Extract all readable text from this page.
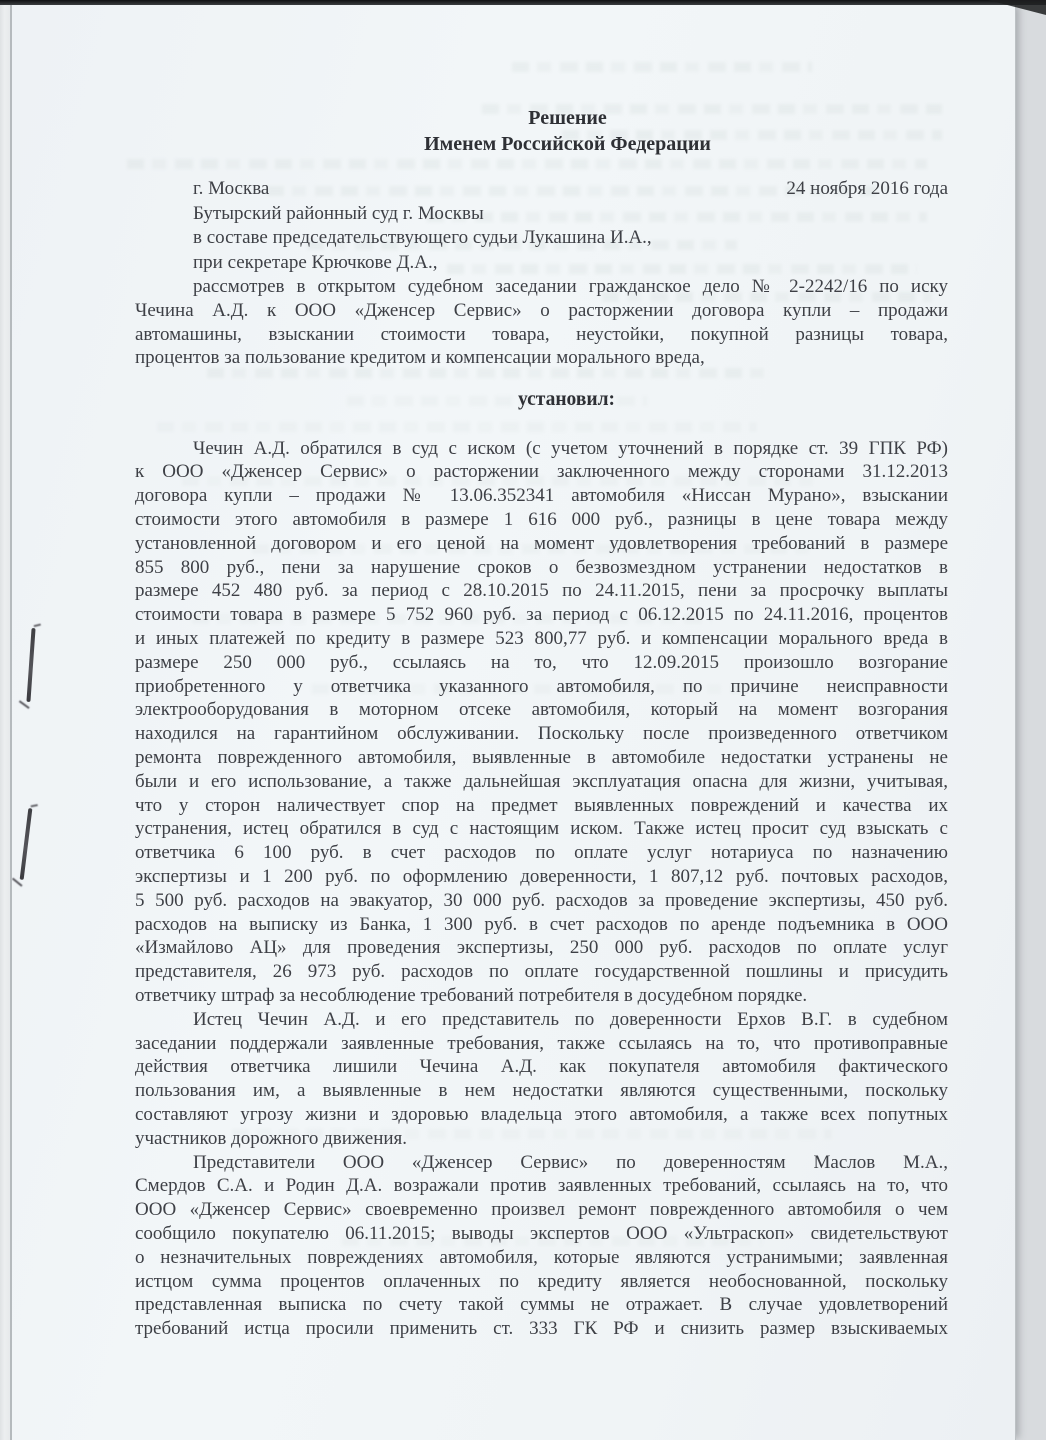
Решение
Именем Российской Федерации
г. Москва	24 ноября 2016 года
Бутырский районный суд г. Москвы
в составе председательствующего судьи Лукашина И.А.,
при секретаре Крючкове Д.А.,

рассмотрев в открытом судебном заседании гражданское дело № 2-2242/16 по иску
Чечина А.Д. к ООО «Дженсер Сервис» о расторжении договора купли – продажи
автомашины, взыскании стоимости товара, неустойки, покупной разницы товара,
процентов за пользование кредитом и компенсации морального вреда,

установил:

Чечин А.Д. обратился в суд с иском (с учетом уточнений в порядке ст. 39 ГПК РФ)
к ООО «Дженсер Сервис» о расторжении заключенного между сторонами 31.12.2013
договора купли – продажи № 13.06.352341 автомобиля «Ниссан Мурано», взыскании
стоимости этого автомобиля в размере 1 616 000 руб., разницы в цене товара между
установленной договором и его ценой на момент удовлетворения требований в размере
855 800 руб., пени за нарушение сроков о безвозмездном устранении недостатков в
размере 452 480 руб. за период с 28.10.2015 по 24.11.2015, пени за просрочку выплаты
стоимости товара в размере 5 752 960 руб. за период с 06.12.2015 по 24.11.2016, процентов
и иных платежей по кредиту в размере 523 800,77 руб. и компенсации морального вреда в
размере 250 000 руб., ссылаясь на то, что 12.09.2015 произошло возгорание
приобретенного у ответчика указанного автомобиля, по причине неисправности
электрооборудования в моторном отсеке автомобиля, который на момент возгорания
находился на гарантийном обслуживании. Поскольку после произведенного ответчиком
ремонта поврежденного автомобиля, выявленные в автомобиле недостатки устранены не
были и его использование, а также дальнейшая эксплуатация опасна для жизни, учитывая,
что у сторон наличествует спор на предмет выявленных повреждений и качества их
устранения, истец обратился в суд с настоящим иском. Также истец просит суд взыскать с
ответчика 6 100 руб. в счет расходов по оплате услуг нотариуса по назначению
экспертизы и 1 200 руб. по оформлению доверенности, 1 807,12 руб. почтовых расходов,
5 500 руб. расходов на эвакуатор, 30 000 руб. расходов за проведение экспертизы, 450 руб.
расходов на выписку из Банка, 1 300 руб. в счет расходов по аренде подъемника в ООО
«Измайлово АЦ» для проведения экспертизы, 250 000 руб. расходов по оплате услуг
представителя, 26 973 руб. расходов по оплате государственной пошлины и присудить
ответчику штраф за несоблюдение требований потребителя в досудебном порядке.

Истец Чечин А.Д. и его представитель по доверенности Ерхов В.Г. в судебном
заседании поддержали заявленные требования, также ссылаясь на то, что противоправные
действия ответчика лишили Чечина А.Д. как покупателя автомобиля фактического
пользования им, а выявленные в нем недостатки являются существенными, поскольку
составляют угрозу жизни и здоровью владельца этого автомобиля, а также всех попутных
участников дорожного движения.

Представители ООО «Дженсер Сервис» по доверенностям Маслов М.А.,
Смердов С.А. и Родин Д.А. возражали против заявленных требований, ссылаясь на то, что
ООО «Дженсер Сервис» своевременно произвел ремонт поврежденного автомобиля о чем
сообщило покупателю 06.11.2015; выводы экспертов ООО «Ультраскоп» свидетельствуют
о незначительных повреждениях автомобиля, которые являются устранимыми; заявленная
истцом сумма процентов оплаченных по кредиту является необоснованной, поскольку
представленная выписка по счету такой суммы не отражает. В случае удовлетворений
требований истца просили применить ст. 333 ГК РФ и снизить размер взыскиваемых
